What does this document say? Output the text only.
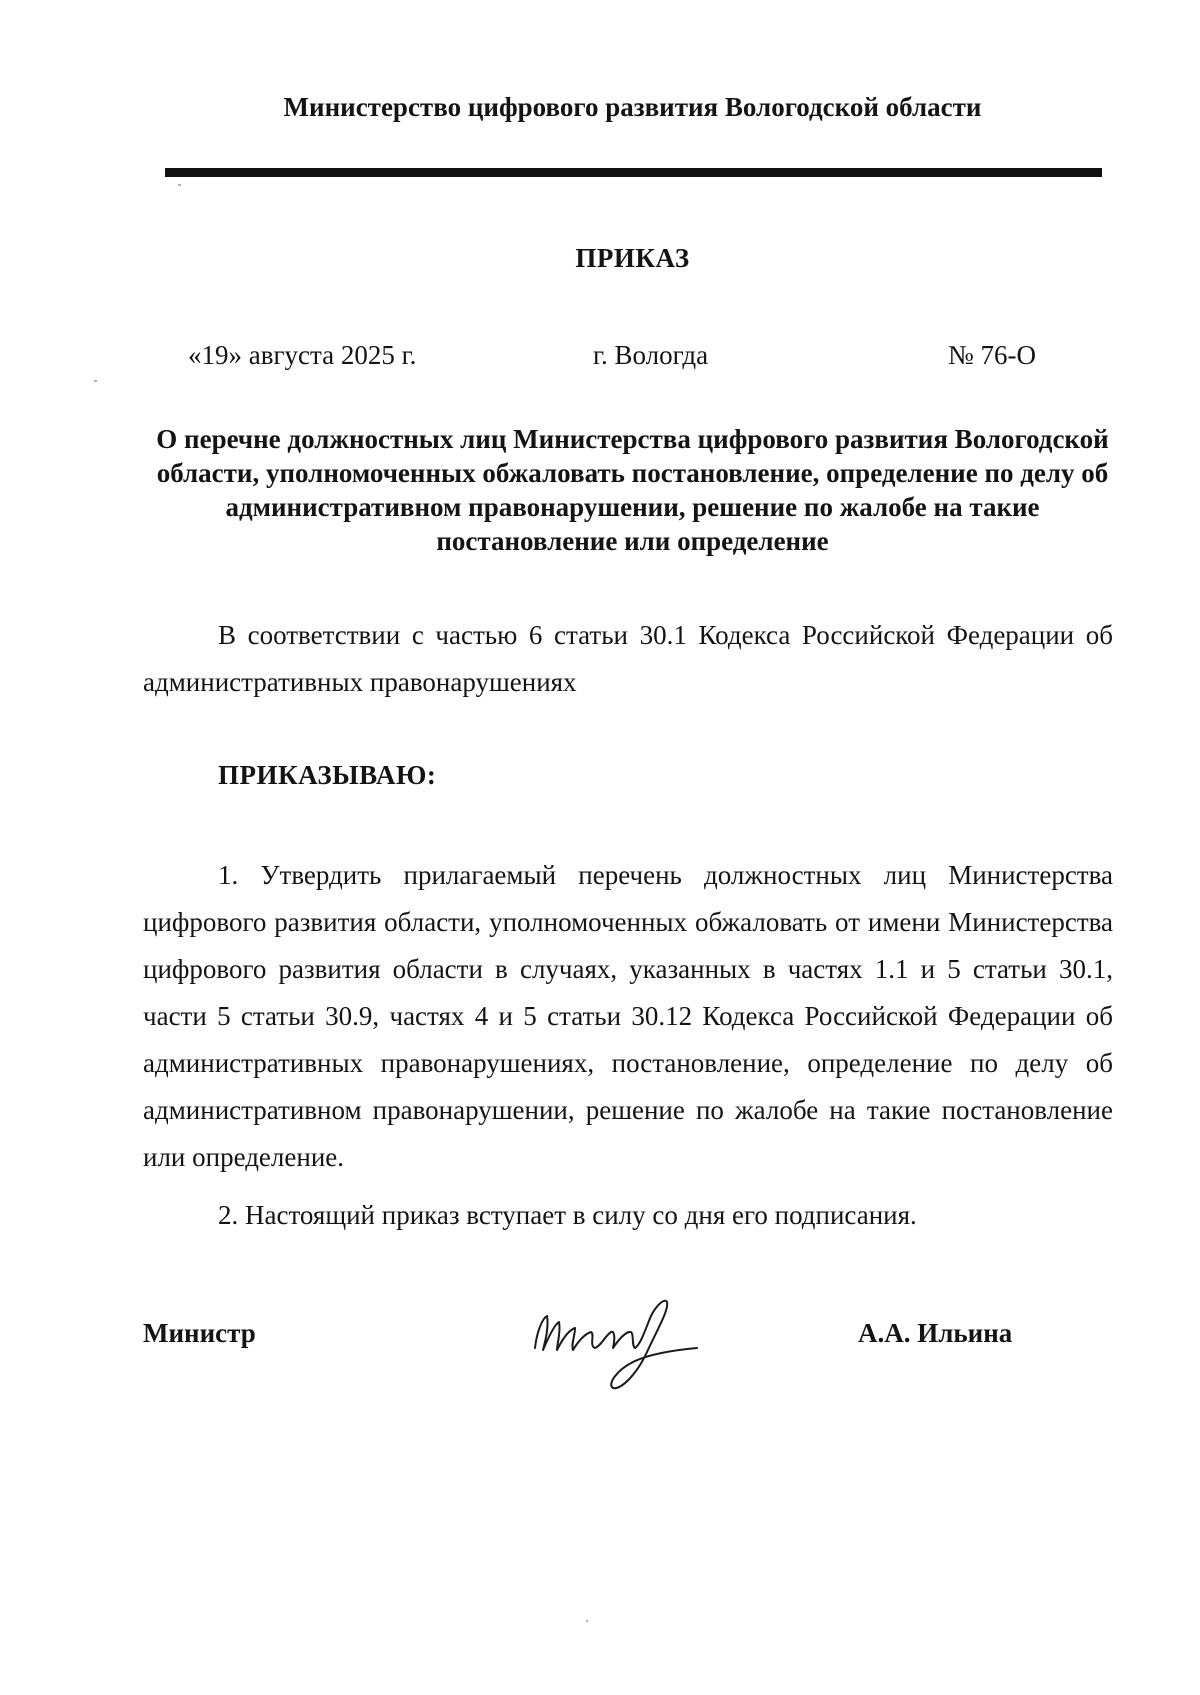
Министерство цифрового развития Вологодской области
ПРИКАЗ
«19» августа 2025 г.	г. Вологда	№ 76-О
О перечне должностных лиц Министерства цифрового развития Вологодской области, уполномоченных обжаловать постановление, определение по делу об административном правонарушении, решение по жалобе на такие постановление или определение
В соответствии с частью 6 статьи 30.1 Кодекса Российской Федерации об административных правонарушениях
ПРИКАЗЫВАЮ:
1. Утвердить прилагаемый перечень должностных лиц Министерства цифрового развития области, уполномоченных обжаловать от имени Министерства цифрового развития области в случаях, указанных в частях 1.1 и 5 статьи 30.1, части 5 статьи 30.9, частях 4 и 5 статьи 30.12 Кодекса Российской Федерации об административных правонарушениях, постановление, определение по делу об административном правонарушении, решение по жалобе на такие постановление или определение.
2. Настоящий приказ вступает в силу со дня его подписания.
Министр	А.А. Ильина
